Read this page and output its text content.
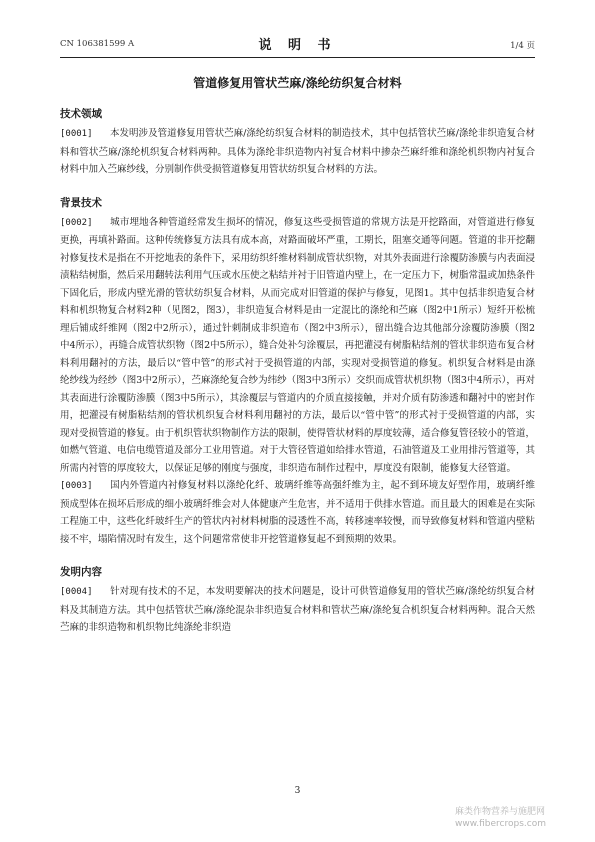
CN 106381599 A	说 明 书	1/4 页
管道修复用管状苎麻/涤纶纺织复合材料
技术领域

[0001] 本发明涉及管道修复用管状苎麻/涤纶纺织复合材料的制造技术，其中包括管状苎麻/涤纶非织造复合材料和管状苎麻/涤纶机织复合材料两种。具体为涤纶非织造物内衬复合材料中掺杂苎麻纤维和涤纶机织物内衬复合材料中加入苎麻纱线，分别制作供受损管道修复用管状纺织复合材料的方法。

背景技术

[0002] 城市埋地各种管道经常发生损坏的情况，修复这些受损管道的常规方法是开挖路面，对管道进行修复更换，再填补路面。这种传统修复方法具有成本高，对路面破坏严重，工期长，阻塞交通等问题。管道的非开挖翻衬修复技术是指在不开挖地表的条件下，采用纺织纤维材料制成管状织物，对其外表面进行涂覆防渗膜与内表面浸渍粘结树脂，然后采用翻转法利用气压或水压使之粘结并衬于旧管道内壁上，在一定压力下，树脂常温或加热条件下固化后，形成内壁光滑的管状纺织复合材料，从而完成对旧管道的保护与修复，见图1。其中包括非织造复合材料和机织物复合材料2种（见图2，图3），非织造复合材料是由一定混比的涤纶和苎麻（图2中1所示）短纤开松梳理后铺成纤维网（图2中2所示），通过针刺制成非织造布（图2中3所示），留出缝合边其他部分涂覆防渗膜（图2中4所示），再缝合成管状织物（图2中5所示），缝合处补匀涂覆层，再把灌浸有树脂粘结剂的管状非织造布复合材料利用翻衬的方法，最后以“管中管”的形式衬于受损管道的内部，实现对受损管道的修复。机织复合材料是由涤纶纱线为经纱（图3中2所示），苎麻涤纶复合纱为纬纱（图3中3所示）交织而成管状机织物（图3中4所示），再对其表面进行涂覆防渗膜（图3中5所示），其涂覆层与管道内的介质直接接触，并对介质有防渗透和翻衬中的密封作用，把灌浸有树脂粘结剂的管状机织复合材料利用翻衬的方法，最后以“管中管”的形式衬于受损管道的内部，实现对受损管道的修复。由于机织管状织物制作方法的限制，使得管状材料的厚度较薄，适合修复管径较小的管道，如燃气管道、电信电缆管道及部分工业用管道。对于大管径管道如给排水管道，石油管道及工业用排污管道等，其所需内衬管的厚度较大，以保证足够的刚度与强度，非织造布制作过程中，厚度没有限制，能修复大径管道。

[0003] 国内外管道内衬修复材料以涤纶化纤、玻璃纤维等高强纤维为主，起不到环境友好型作用，玻璃纤维预成型体在损坏后形成的细小玻璃纤维会对人体健康产生危害，并不适用于供排水管道。而且最大的困难是在实际工程施工中，这些化纤玻纤生产的管状内衬材料树脂的浸透性不高，转移速率较慢，而导致修复材料和管道内壁粘接不牢，塌陷情况时有发生，这个问题常常使非开挖管道修复起不到预期的效果。

发明内容

[0004] 针对现有技术的不足，本发明要解决的技术问题是，设计可供管道修复用的管状苎麻/涤纶纺织复合材料及其制造方法。其中包括管状苎麻/涤纶混杂非织造复合材料和管状苎麻/涤纶复合机织复合材料两种。混合天然苎麻的非织造物和机织物比纯涤纶非织造

3
麻类作物营养与施肥网
www.fibercrops.com
